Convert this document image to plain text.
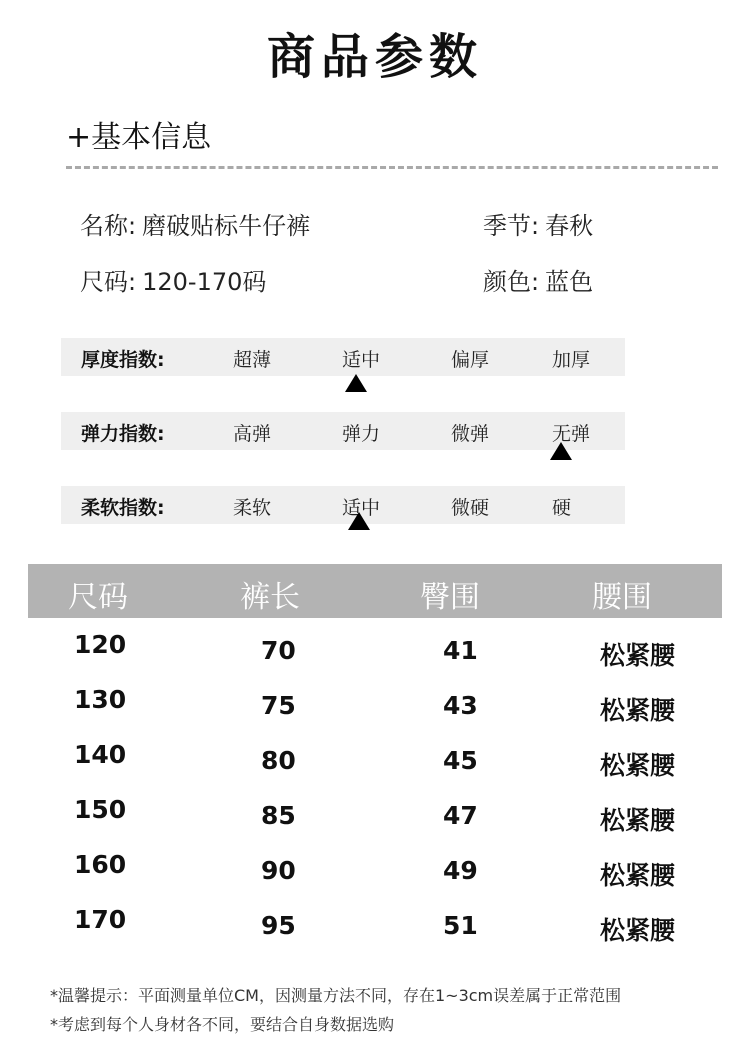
商品参数
+基本信息
名称: 磨破贴标牛仔裤	季节: 春秋
尺码: 120-170码	颜色: 蓝色
厚度指数:	超薄	适中	偏厚	加厚
弹力指数:	高弹	弹力	微弹	无弹
柔软指数:	柔软	适中	微硬	硬
尺码	裤长	臀围	腰围
120	70	41	松紧腰
130	75	43	松紧腰
140	80	45	松紧腰
150	85	47	松紧腰
160	90	49	松紧腰
170	95	51	松紧腰
*温馨提示：平面测量单位CM，因测量方法不同，存在1~3cm误差属于正常范围
*考虑到每个人身材各不同，要结合自身数据选购
